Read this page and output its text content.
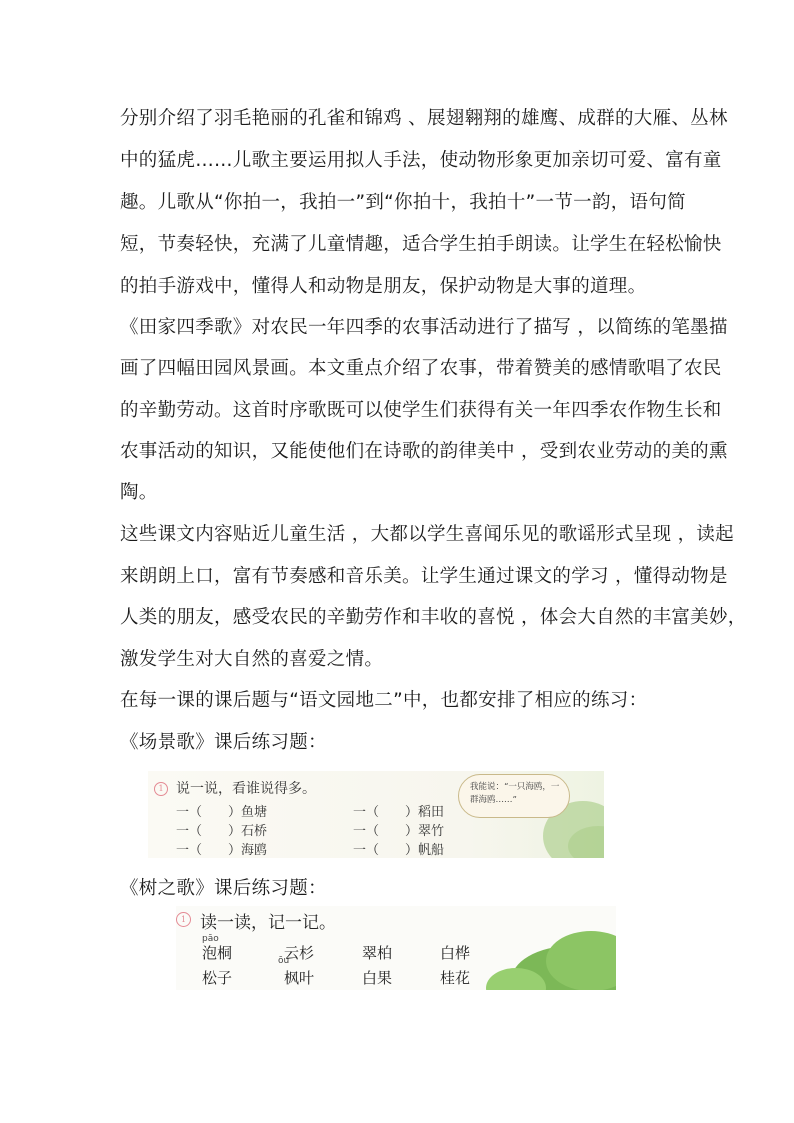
分别介绍了羽毛艳丽的孔雀和锦鸡 、展翅翱翔的雄鹰、成群的大雁、丛林
中的猛虎……儿歌主要运用拟人手法，使动物形象更加亲切可爱、富有童
趣。儿歌从“你拍一，我拍一”到“你拍十，我拍十”一节一韵，语句简
短，节奏轻快，充满了儿童情趣，适合学生拍手朗读。让学生在轻松愉快
的拍手游戏中，懂得人和动物是朋友，保护动物是大事的道理。
《田家四季歌》对农民一年四季的农事活动进行了描写 ，以简练的笔墨描
画了四幅田园风景画。本文重点介绍了农事，带着赞美的感情歌唱了农民
的辛勤劳动。这首时序歌既可以使学生们获得有关一年四季农作物生长和
农事活动的知识，又能使他们在诗歌的韵律美中 ，受到农业劳动的美的熏
陶。
这些课文内容贴近儿童生活 ，大都以学生喜闻乐见的歌谣形式呈现 ，读起
来朗朗上口，富有节奏感和音乐美。让学生通过课文的学习 ，懂得动物是
人类的朋友，感受农民的辛勤劳作和丰收的喜悦 ，体会大自然的丰富美妙，
激发学生对大自然的喜爱之情。
在每一课的课后题与“语文园地二”中，也都安排了相应的练习：
《场景歌》课后练习题：
《树之歌》课后练习题：
1 说一说，看谁说得多。
一（　　）鱼塘	一（　　）稻田
一（　　）石桥	一（　　）翠竹
一（　　）海鸥	一（　　）帆船
我能说：“一只海鸥，一群海鸥……”
1 读一读，记一记。
pāo
ōu
泡桐	云杉	翠柏	白桦
松子	枫叶	白果	桂花
